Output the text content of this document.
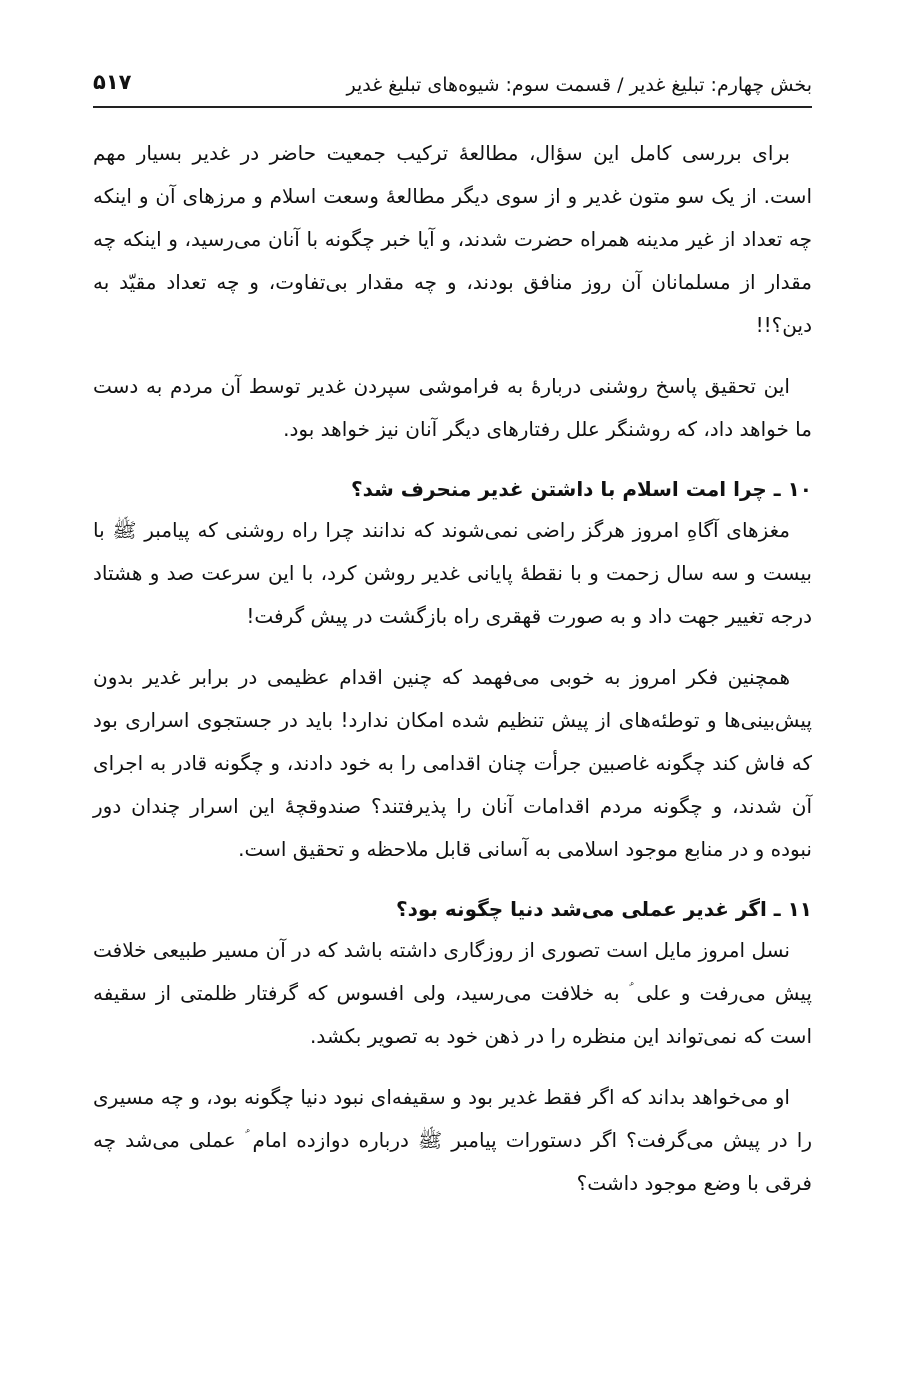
بخش چهارم: تبلیغ غدیر / قسمت سوم: شیوه‌های تبلیغ غدیر
۵۱۷

برای بررسی کامل این سؤال، مطالعۀ ترکیب جمعیت حاضر در غدیر بسیار مهم است. از یک سو متون غدیر و از سوی دیگر مطالعۀ وسعت اسلام و مرزهای آن و اینکه چه تعداد از غیر مدینه همراه حضرت شدند، و آیا خبر چگونه با آنان می‌رسید، و اینکه چه مقدار از مسلمانان آن روز منافق بودند، و چه مقدار بی‌تفاوت، و چه تعداد مقیّد به دین؟!!

این تحقیق پاسخ روشنی دربارۀ به فراموشی سپردن غدیر توسط آن مردم به دست ما خواهد داد، که روشنگر علل رفتارهای دیگر آنان نیز خواهد بود.

۱۰ ـ چرا امت اسلام با داشتن غدیر منحرف شد؟

مغزهای آگاهِ امروز هرگز راضی نمی‌شوند که ندانند چرا راه روشنی که پیامبر ﷺ با بیست و سه سال زحمت و با نقطۀ پایانی غدیر روشن کرد، با این سرعت صد و هشتاد درجه تغییر جهت داد و به صورت قهقری راه بازگشت در پیش گرفت!

همچنین فکر امروز به خوبی می‌فهمد که چنین اقدام عظیمی در برابر غدیر بدون پیش‌بینی‌ها و توطئه‌های از پیش تنظیم شده امکان ندارد! باید در جستجوی اسراری بود که فاش کند چگونه غاصبین جرأت چنان اقدامی را به خود دادند، و چگونه قادر به اجرای آن شدند، و چگونه مردم اقدامات آنان را پذیرفتند؟ صندوقچۀ این اسرار چندان دور نبوده و در منابع موجود اسلامی به آسانی قابل ملاحظه و تحقیق است.

۱۱ ـ اگر غدیر عملی می‌شد دنیا چگونه بود؟

نسل امروز مایل است تصوری از روزگاری داشته باشد که در آن مسیر طبیعی خلافت پیش می‌رفت و علی ؑ به خلافت می‌رسید، ولی افسوس که گرفتار ظلمتی از سقیفه است که نمی‌تواند این منظره را در ذهن خود به تصویر بکشد.

او می‌خواهد بداند که اگر فقط غدیر بود و سقیفه‌ای نبود دنیا چگونه بود، و چه مسیری را در پیش می‌گرفت؟ اگر دستورات پیامبر ﷺ درباره دوازده امام ؑ عملی می‌شد چه فرقی با وضع موجود داشت؟
